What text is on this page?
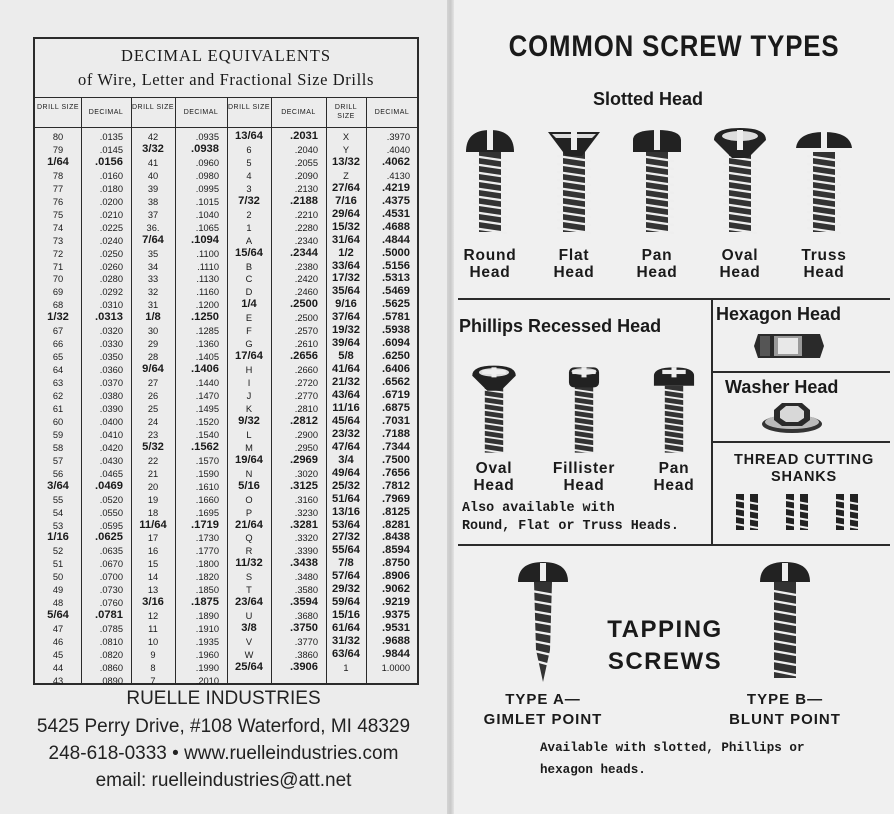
DECIMAL EQUIVALENTS
of Wire, Letter and Fractional Size Drills
DRILL SIZE
DECIMAL
80	.0135
79	.0145
1/64	.0156
78	.0160
77	.0180
76	.0200
75	.0210
74	.0225
73	.0240
72	.0250
71	.0260
70	.0280
69	.0292
68	.0310
1/32	.0313
67	.0320
66	.0330
65	.0350
64	.0360
63	.0370
62	.0380
61	.0390
60	.0400
59	.0410
58	.0420
57	.0430
56	.0465
3/64	.0469
55	.0520
54	.0550
53	.0595
1/16	.0625
52	.0635
51	.0670
50	.0700
49	.0730
48	.0760
5/64	.0781
47	.0785
46	.0810
45	.0820
44	.0860
43	.0890
DRILL SIZE
DECIMAL
42	.0935
3/32	.0938
41	.0960
40	.0980
39	.0995
38	.1015
37	.1040
36.	.1065
7/64	.1094
35	.1100
34	.1110
33	.1130
32	.1160
31	.1200
1/8	.1250
30	.1285
29	.1360
28	.1405
9/64	.1406
27	.1440
26	.1470
25	.1495
24	.1520
23	.1540
5/32	.1562
22	.1570
21	.1590
20	.1610
19	.1660
18	.1695
11/64	.1719
17	.1730
16	.1770
15	.1800
14	.1820
13	.1850
3/16	.1875
12	.1890
11	.1910
10	.1935
9	.1960
8	.1990
7	.2010
DRILL SIZE
DECIMAL
13/64	.2031
6	.2040
5	.2055
4	.2090
3	.2130
7/32	.2188
2	.2210
1	.2280
A	.2340
15/64	.2344
B	.2380
C	.2420
D	.2460
1/4	.2500
E	.2500
F	.2570
G	.2610
17/64	.2656
H	.2660
I	.2720
J	.2770
K	.2810
9/32	.2812
L	.2900
M	.2950
19/64	.2969
N	.3020
5/16	.3125
O	.3160
P	.3230
21/64	.3281
Q	.3320
R	.3390
11/32	.3438
S	.3480
T	.3580
23/64	.3594
U	.3680
3/8	.3750
V	.3770
W	.3860
25/64	.3906
DRILL SIZE
DECIMAL
X	.3970
Y	.4040
13/32	.4062
Z	.4130
27/64	.4219
7/16	.4375
29/64	.4531
15/32	.4688
31/64	.4844
1/2	.5000
33/64	.5156
17/32	.5313
35/64	.5469
9/16	.5625
37/64	.5781
19/32	.5938
39/64	.6094
5/8	.6250
41/64	.6406
21/32	.6562
43/64	.6719
11/16	.6875
45/64	.7031
23/32	.7188
47/64	.7344
3/4	.7500
49/64	.7656
25/32	.7812
51/64	.7969
13/16	.8125
53/64	.8281
27/32	.8438
55/64	.8594
7/8	.8750
57/64	.8906
29/32	.9062
59/64	.9219
15/16	.9375
61/64	.9531
31/32	.9688
63/64	.9844
1	1.0000
RUELLE INDUSTRIES
5425 Perry Drive, #108 Waterford, MI 48329
248-618-0333 • www.ruelleindustries.com
email: ruelleindustries@att.net
COMMON SCREW TYPES
Slotted Head
Phillips Recessed Head
Also available with
Round, Flat or Truss Heads.
Hexagon Head
Washer Head
THREAD CUTTING
SHANKS
TAPPING
SCREWS
TYPE A—
GIMLET POINT
TYPE B—
BLUNT POINT
Available with slotted, Phillips or
hexagon heads.
Round
Head
Flat
Head
Pan
Head
Oval
Head
Truss
Head
Oval
Head
Fillister
Head
Pan
Head
